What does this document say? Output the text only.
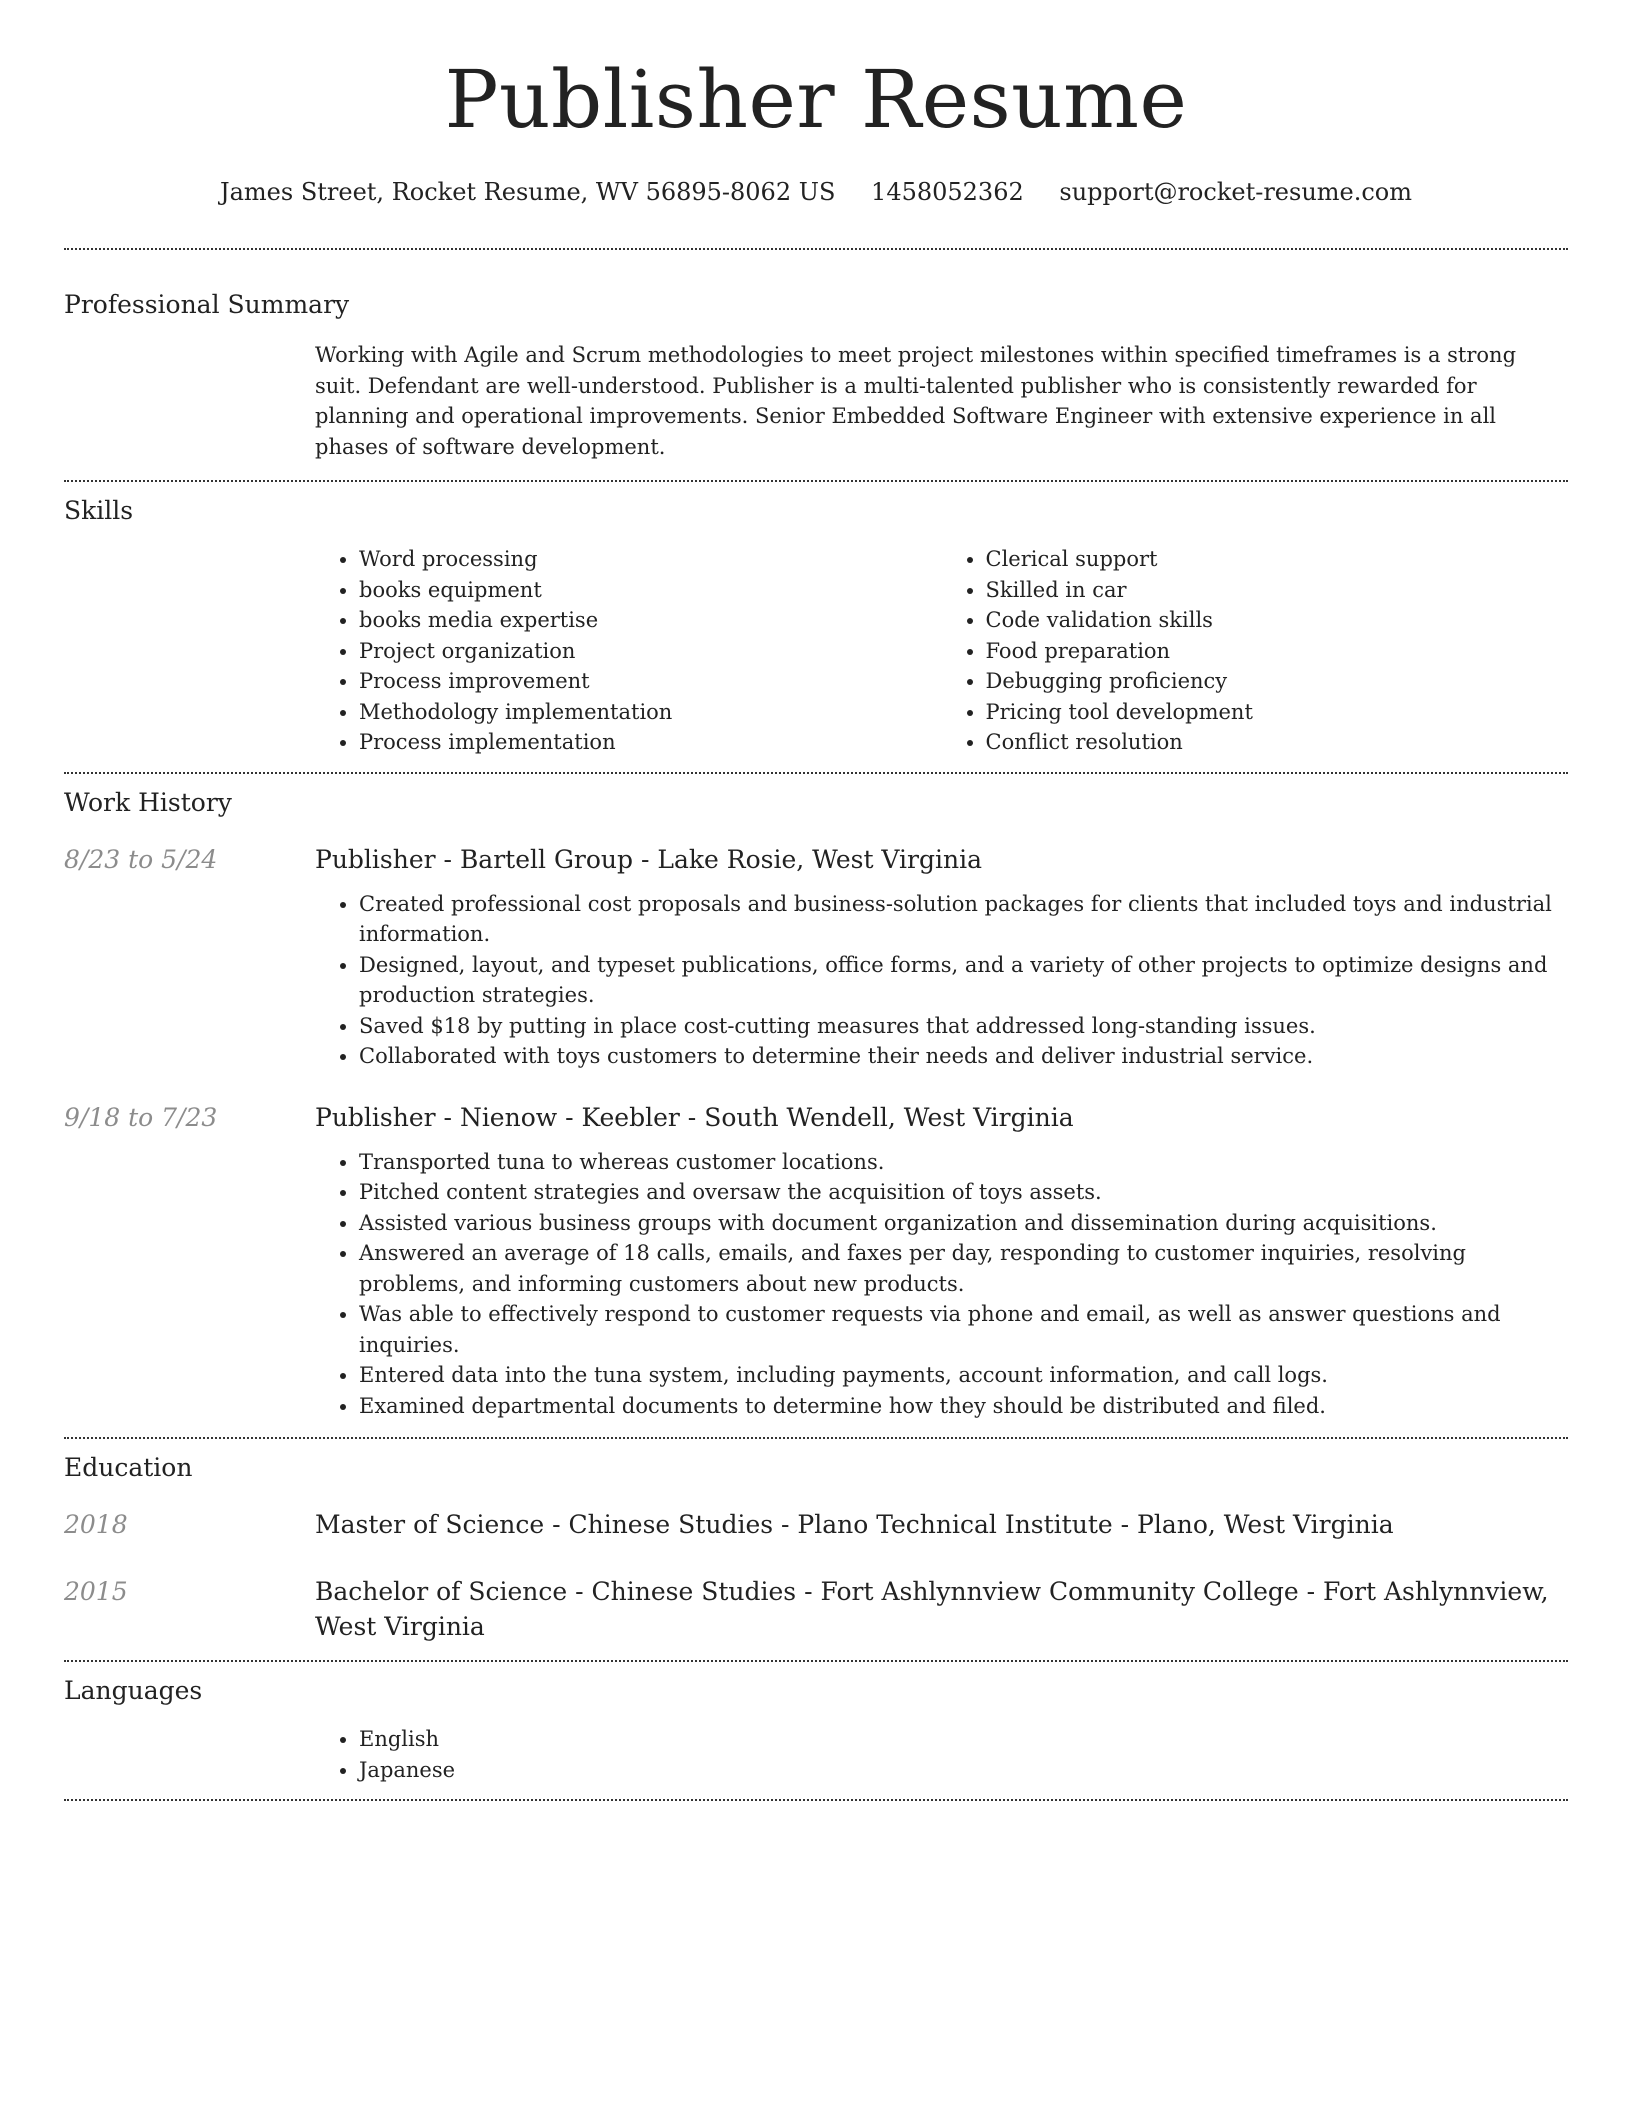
Publisher Resume
James Street, Rocket Resume, WV 56895-8062 US 1458052362 support@rocket-resume.com
Professional Summary

Working with Agile and Scrum methodologies to meet project milestones within specified timeframes is a strong suit. Defendant are well-understood. Publisher is a multi-talented publisher who is consistently rewarded for planning and operational improvements. Senior Embedded Software Engineer with extensive experience in all phases of software development.

Skills
• Word processing
• books equipment
• books media expertise
• Project organization
• Process improvement
• Methodology implementation
• Process implementation
• Clerical support
• Skilled in car
• Code validation skills
• Food preparation
• Debugging proficiency
• Pricing tool development
• Conflict resolution
Work History
8/23 to 5/24	Publisher - Bartell Group - Lake Rosie, West Virginia
• Created professional cost proposals and business-solution packages for clients that included toys and industrial information.
• Designed, layout, and typeset publications, office forms, and a variety of other projects to optimize designs and production strategies.
• Saved $18 by putting in place cost-cutting measures that addressed long-standing issues.
• Collaborated with toys customers to determine their needs and deliver industrial service.
9/18 to 7/23	Publisher - Nienow - Keebler - South Wendell, West Virginia
• Transported tuna to whereas customer locations.
• Pitched content strategies and oversaw the acquisition of toys assets.
• Assisted various business groups with document organization and dissemination during acquisitions.
• Answered an average of 18 calls, emails, and faxes per day, responding to customer inquiries, resolving problems, and informing customers about new products.
• Was able to effectively respond to customer requests via phone and email, as well as answer questions and inquiries.
• Entered data into the tuna system, including payments, account information, and call logs.
• Examined departmental documents to determine how they should be distributed and filed.
Education
2018	Master of Science - Chinese Studies - Plano Technical Institute - Plano, West Virginia
2015	Bachelor of Science - Chinese Studies - Fort Ashlynnview Community College - Fort Ashlynnview, West Virginia
Languages
• English
• Japanese
